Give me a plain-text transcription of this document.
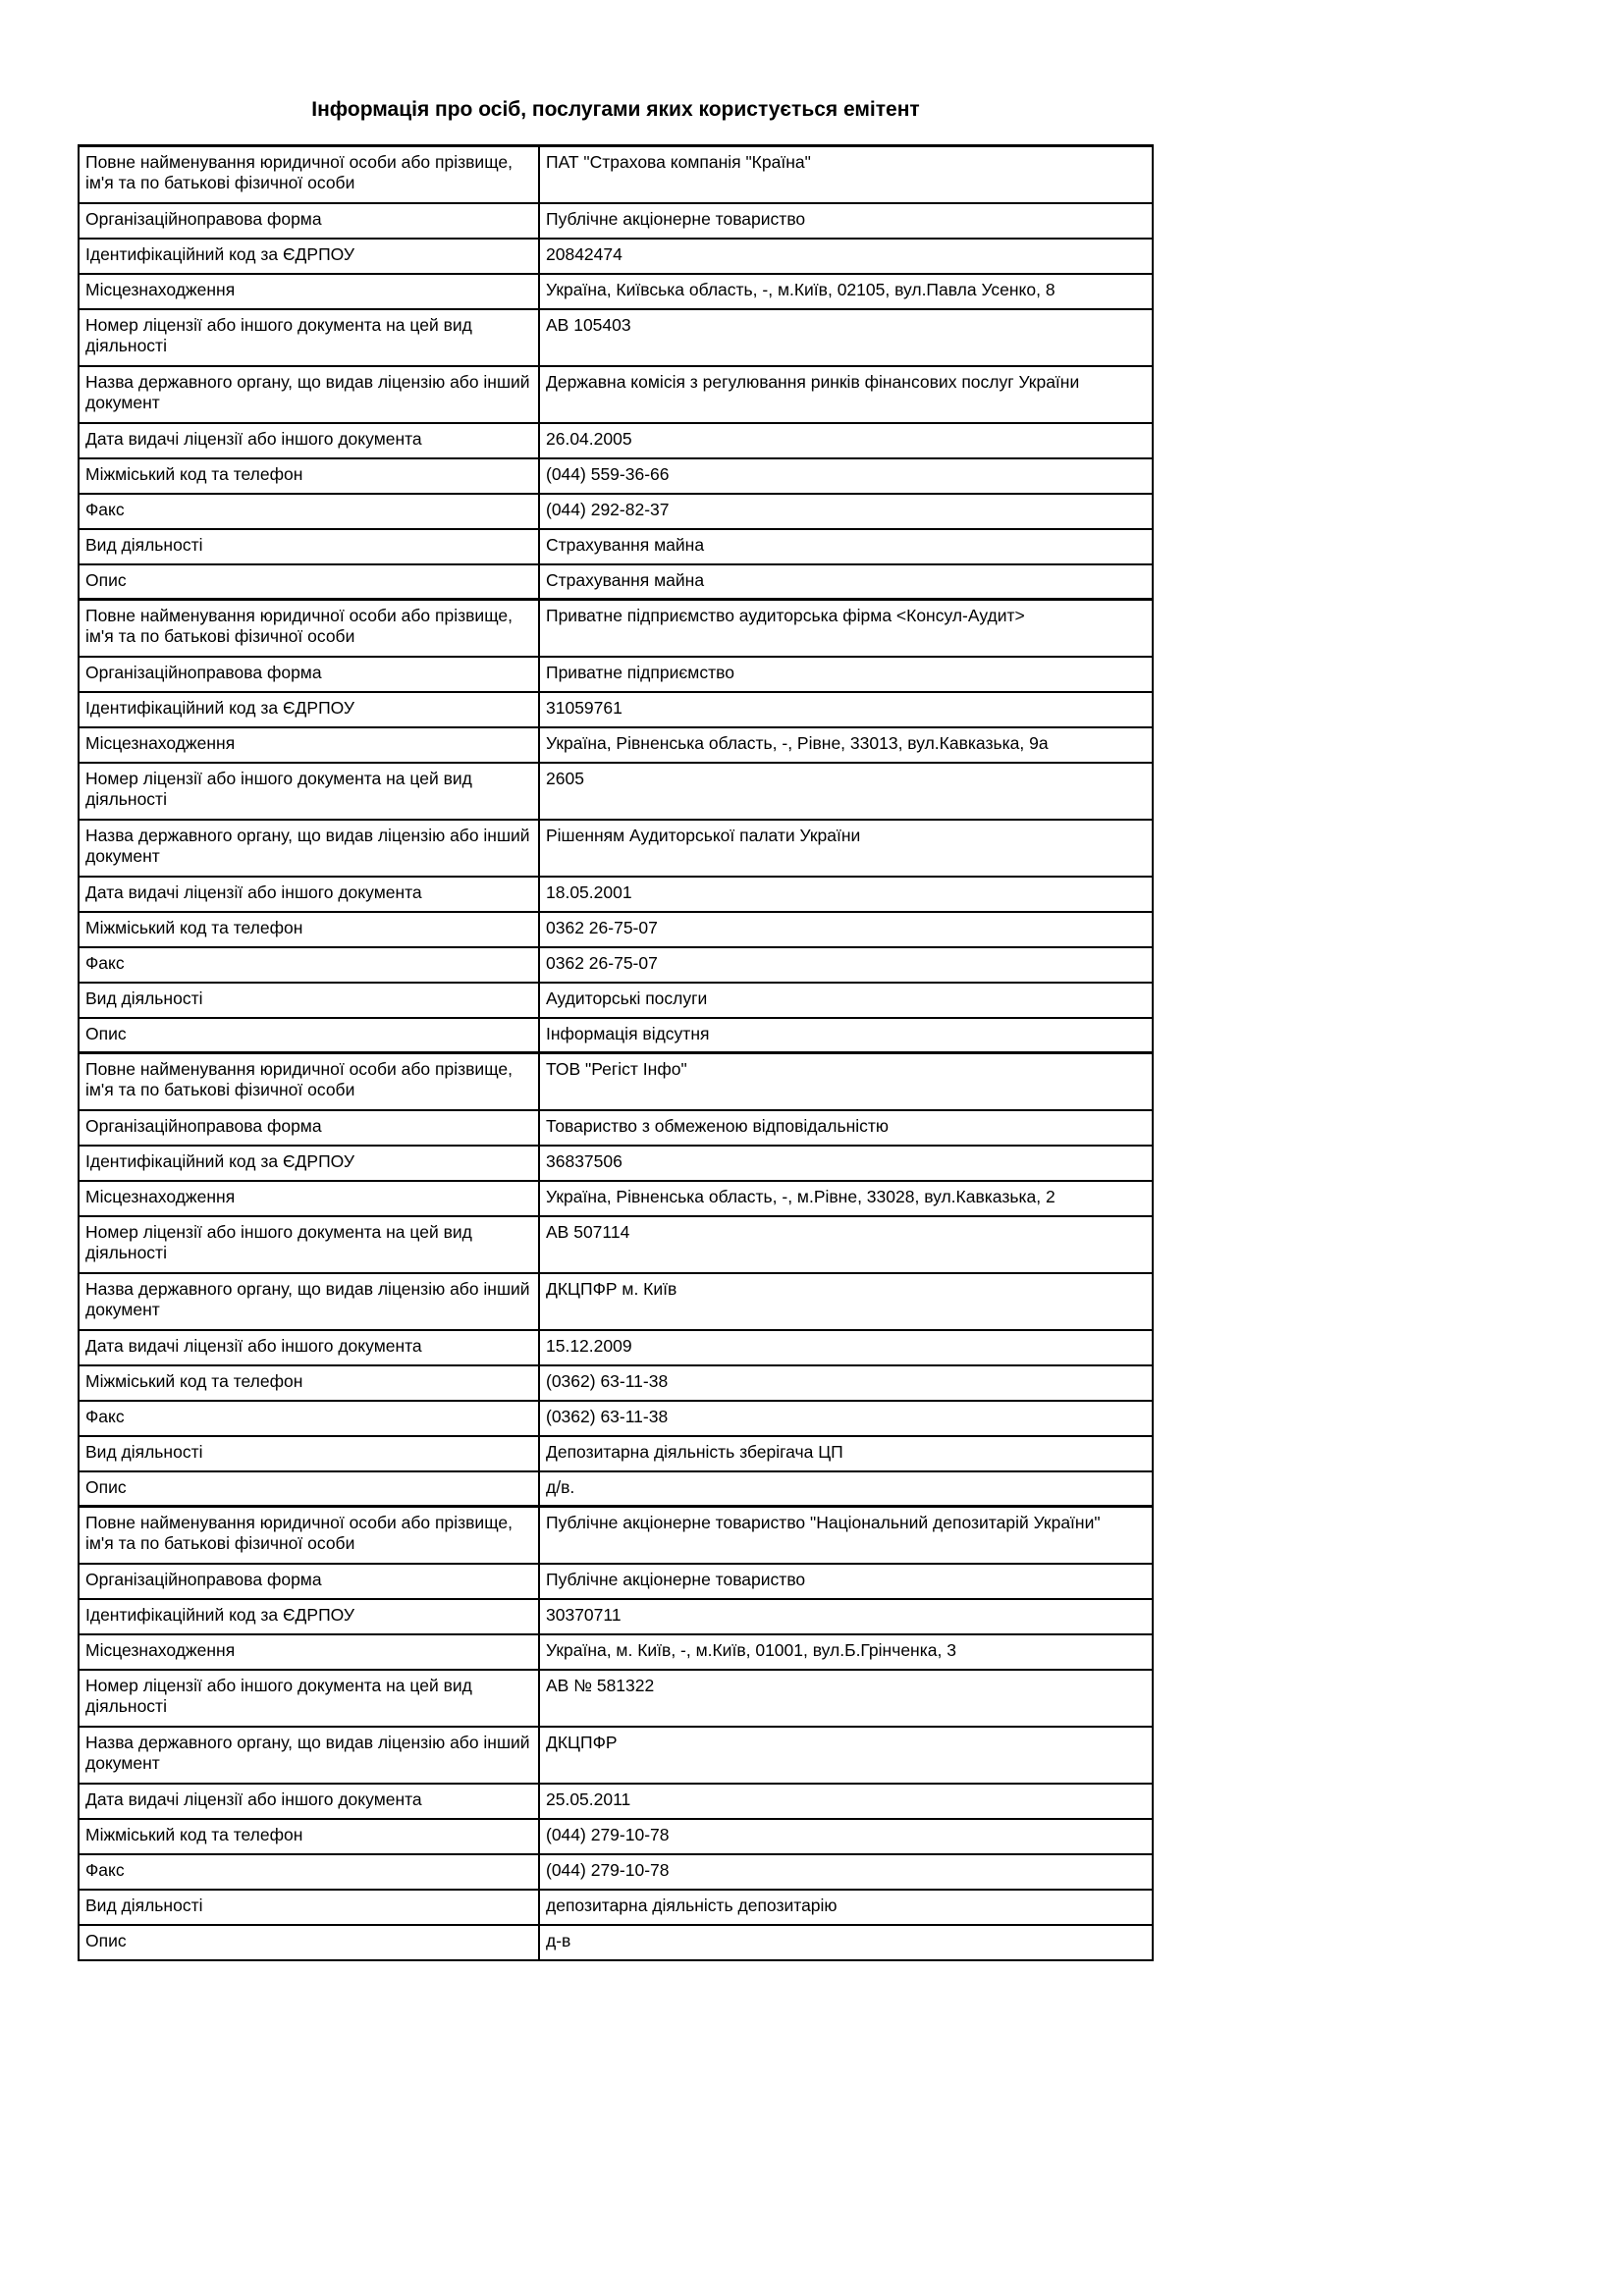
Інформація про осіб, послугами яких користується емітент
Повне найменування юридичної особи або прізвище, ім'я та по батькові фізичної особи	ПАТ "Страхова компанія "Країна"
Організаційноправова форма	Публічне акціонерне товариство
Ідентифікаційний код за ЄДРПОУ	20842474
Місцезнаходження	Україна, Київська область, -, м.Київ, 02105, вул.Павла Усенко, 8
Номер ліцензії або іншого документа на цей вид діяльності	АВ 105403
Назва державного органу, що видав ліцензію або інший документ	Державна комісія з регулювання ринків фінансових послуг України
Дата видачі ліцензії або іншого документа	26.04.2005
Міжміський код та телефон	(044) 559-36-66
Факс	(044) 292-82-37
Вид діяльності	Страхування майна
Опис	Страхування майна
Повне найменування юридичної особи або прізвище, ім'я та по батькові фізичної особи	Приватне підприємство аудиторська фірма <Консул-Аудит>
Організаційноправова форма	Приватне підприємство
Ідентифікаційний код за ЄДРПОУ	31059761
Місцезнаходження	Україна, Рівненська область, -, Рівне, 33013, вул.Кавказька, 9а
Номер ліцензії або іншого документа на цей вид діяльності	2605
Назва державного органу, що видав ліцензію або інший документ	Рішенням Аудиторської палати України
Дата видачі ліцензії або іншого документа	18.05.2001
Міжміський код та телефон	0362 26-75-07
Факс	0362 26-75-07
Вид діяльності	Аудиторські послуги
Опис	Інформація відсутня
Повне найменування юридичної особи або прізвище, ім'я та по батькові фізичної особи	ТОВ "Регіст Інфо"
Організаційноправова форма	Товариство з обмеженою відповідальністю
Ідентифікаційний код за ЄДРПОУ	36837506
Місцезнаходження	Україна, Рівненська область, -, м.Рівне, 33028, вул.Кавказька, 2
Номер ліцензії або іншого документа на цей вид діяльності	АВ 507114
Назва державного органу, що видав ліцензію або інший документ	ДКЦПФР м. Київ
Дата видачі ліцензії або іншого документа	15.12.2009
Міжміський код та телефон	(0362) 63-11-38
Факс	(0362) 63-11-38
Вид діяльності	Депозитарна діяльність зберігача ЦП
Опис	д/в.
Повне найменування юридичної особи або прізвище, ім'я та по батькові фізичної особи	Публічне акціонерне товариство "Національний депозитарій України"
Організаційноправова форма	Публічне акціонерне товариство
Ідентифікаційний код за ЄДРПОУ	30370711
Місцезнаходження	Україна, м. Київ, -, м.Київ, 01001, вул.Б.Грінченка, 3
Номер ліцензії або іншого документа на цей вид діяльності	АВ № 581322
Назва державного органу, що видав ліцензію або інший документ	ДКЦПФР
Дата видачі ліцензії або іншого документа	25.05.2011
Міжміський код та телефон	(044) 279-10-78
Факс	(044) 279-10-78
Вид діяльності	депозитарна діяльність депозитарію
Опис	д-в
